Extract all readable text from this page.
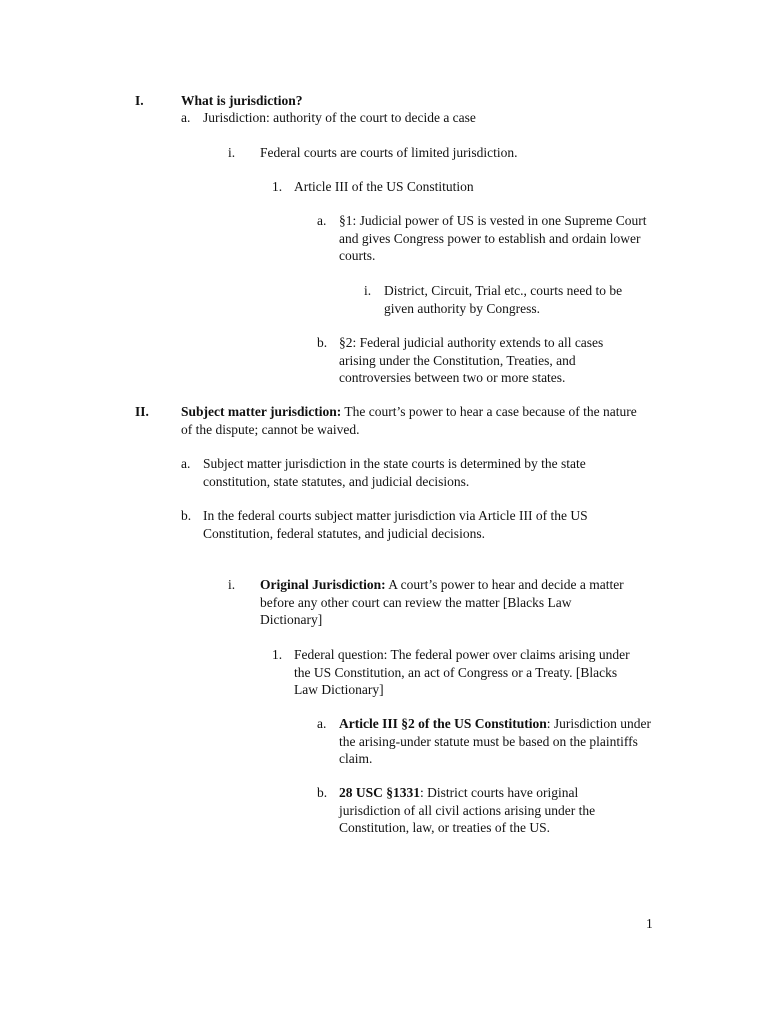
I.	What is jurisdiction?
a. Jurisdiction: authority of the court to decide a case
i.	Federal courts are courts of limited jurisdiction.
1. Article III of the US Constitution
a. §1: Judicial power of US is vested in one Supreme Court and gives Congress power to establish and ordain lower courts.
i. District, Circuit, Trial etc., courts need to be given authority by Congress.
b. §2: Federal judicial authority extends to all cases arising under the Constitution, Treaties, and controversies between two or more states.
II.	Subject matter jurisdiction: The court’s power to hear a case because of the nature of the dispute; cannot be waived.
a. Subject matter jurisdiction in the state courts is determined by the state constitution, state statutes, and judicial decisions.
b. In the federal courts subject matter jurisdiction via Article III of the US Constitution, federal statutes, and judicial decisions.
i.	Original Jurisdiction: A court’s power to hear and decide a matter before any other court can review the matter [Blacks Law Dictionary]
1. Federal question: The federal power over claims arising under the US Constitution, an act of Congress or a Treaty. [Blacks Law Dictionary]
a. Article III §2 of the US Constitution: Jurisdiction under the arising-under statute must be based on the plaintiffs claim.
b. 28 USC §1331: District courts have original jurisdiction of all civil actions arising under the Constitution, law, or treaties of the US.
1
